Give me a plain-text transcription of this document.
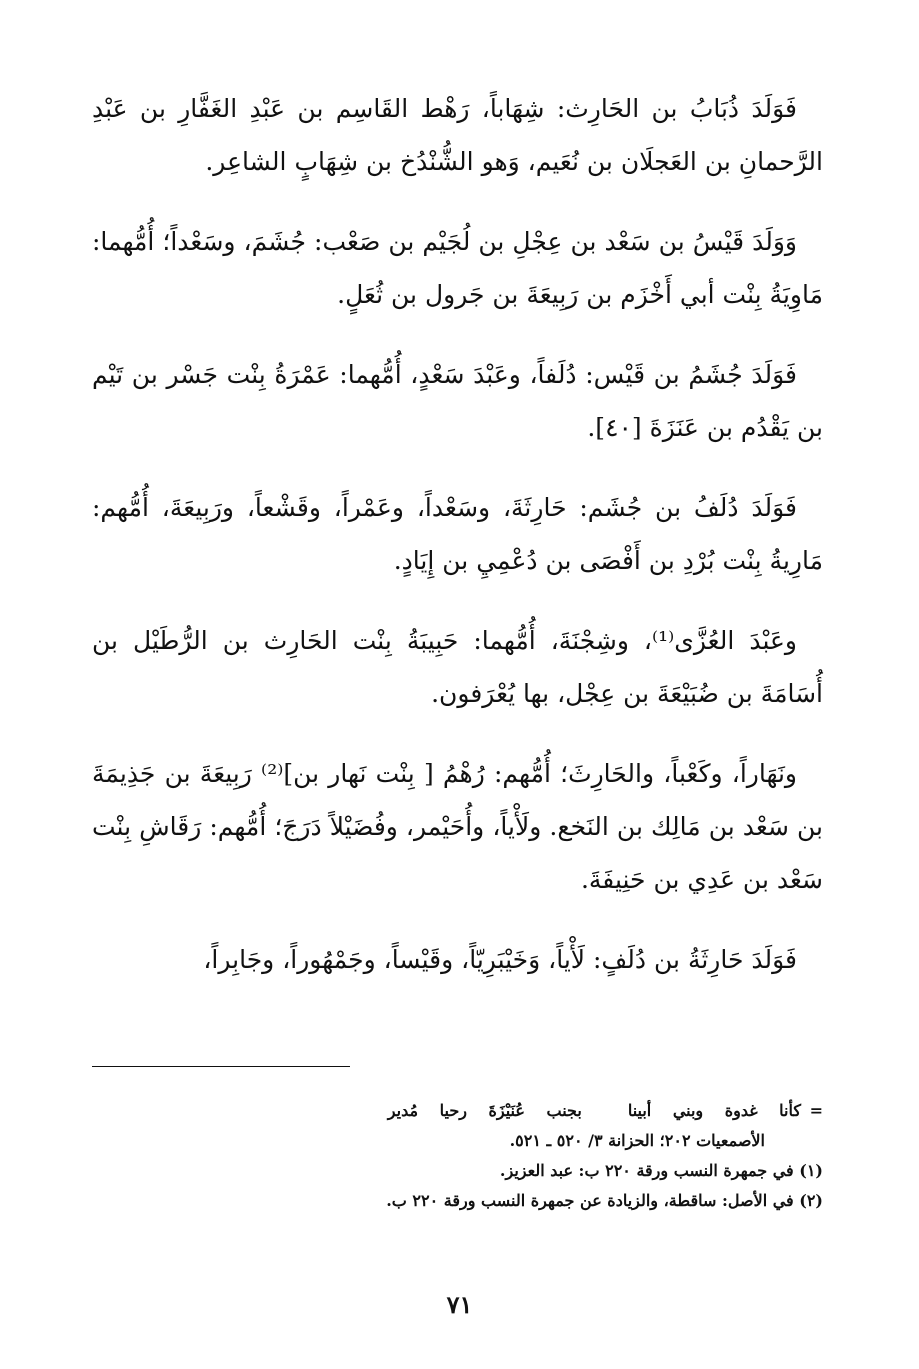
فَوَلَدَ ذُبَابُ بن الحَارِث: شِهَاباً، رَهْط القَاسِم بن عَبْدِ الغَفَّارِ بن عَبْدِ الرَّحمانِ بن العَجلَان بن نُعَيم، وَهو الشُّنْدُخ بن شِهَابٍ الشاعِر.

وَوَلَدَ قَيْسُ بن سَعْد بن عِجْلِ بن لُجَيْم بن صَعْب: جُشَمَ، وسَعْداً؛ أُمُّهما: مَاوِيَةُ بِنْت أبي أَخْزَم بن رَبِيعَةَ بن جَرول بن ثُعَلٍ.

فَوَلَدَ جُشَمُ بن قَيْس: دُلَفاً، وعَبْدَ سَعْدٍ، أُمُّهما: عَمْرَةُ بِنْت جَسْر بن تَيْم بن يَقْدُم بن عَنَزَةَ [٤٠].

فَوَلَدَ دُلَفُ بن جُشَم: حَارِثَةَ، وسَعْداً، وعَمْراً، وقَشْعاً، ورَبِيعَةَ، أُمُّهم: مَارِيةُ بِنْت بُرْدِ بن أَفْصَى بن دُعْمِيِ بن إِيَادٍ.

وعَبْدَ العُزَّى⁽¹⁾، وشِجْنَةَ، أُمُّهما: حَبِيبَةُ بِنْت الحَارِث بن الرُّطَيْل بن أُسَامَةَ بن ضُبَيْعَةَ بن عِجْل، بها يُعْرَفون.

ونَهَاراً، وكَعْباً، والحَارِثَ؛ أُمُّهم: رُهْمُ [ بِنْت نَهار بن]⁽²⁾ رَبِيعَةَ بن جَذِيمَةَ بن سَعْد بن مَالِك بن النَخع. ولَأْياً، وأُحَيْمر، وفُضَيْلاً دَرَجَ؛ أُمُّهم: رَقَاشِ بِنْت سَعْد بن عَدِي بن حَنِيفَةَ.

فَوَلَدَ حَارِثَةُ بن دُلَفٍ: لَأْياً، وَخَيْبَرِيّاً، وقَيْساً، وجَمْهُوراً، وجَابِراً،

=
كأنا غدوة وبني أبينا
بجنب عُنَيْزَةَ رحيا مُدير

الأصمعيات ٢٠٢؛ الحزانة ٣/ ٥٢٠ ـ ٥٢١.

(١) في جمهرة النسب ورقة ٢٢٠ ب: عبد العزيز.

(٢) في الأصل: ساقطة، والزيادة عن جمهرة النسب ورقة ٢٢٠ ب.

٧١
